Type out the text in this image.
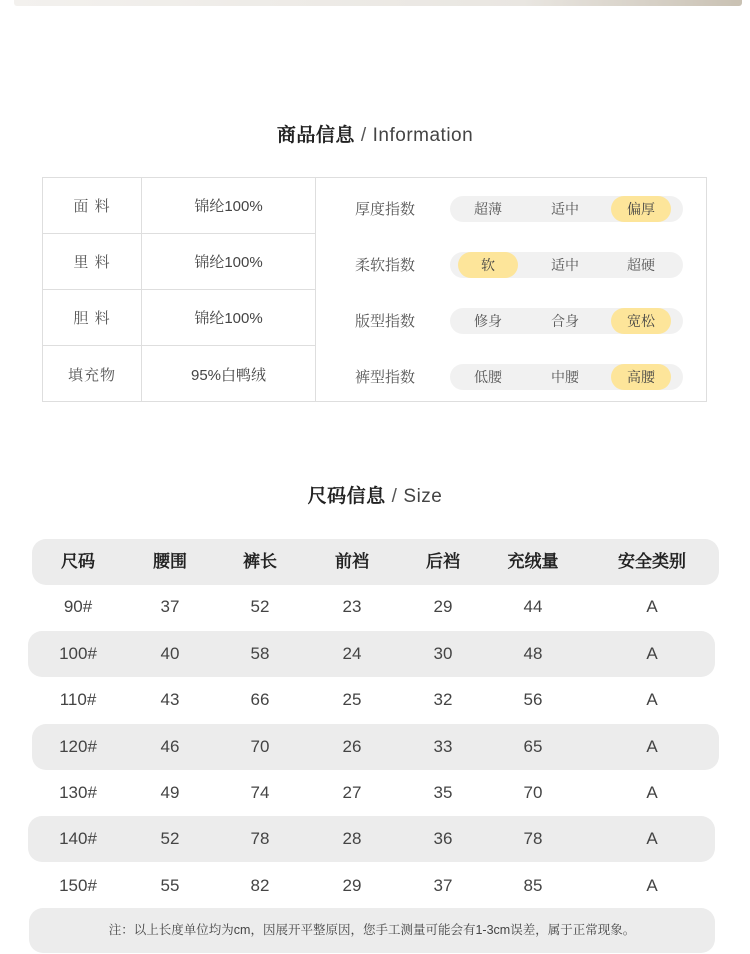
商品信息 / Information
面 料	锦纶100%
里 料	锦纶100%
胆 料	锦纶100%
填充物	95%白鸭绒
厚度指数	超薄	适中	偏厚
柔软指数	软	适中	超硬
版型指数	修身	合身	宽松
裤型指数	低腰	中腰	高腰
尺码信息 / Size
尺码	腰围	裤长	前裆	后裆	充绒量	安全类别
90#	37	52	23	29	44	A
100#	40	58	24	30	48	A
110#	43	66	25	32	56	A
120#	46	70	26	33	65	A
130#	49	74	27	35	70	A
140#	52	78	28	36	78	A
150#	55	82	29	37	85	A
注：以上长度单位均为cm，因展开平整原因，您手工测量可能会有1-3cm误差，属于正常现象。
